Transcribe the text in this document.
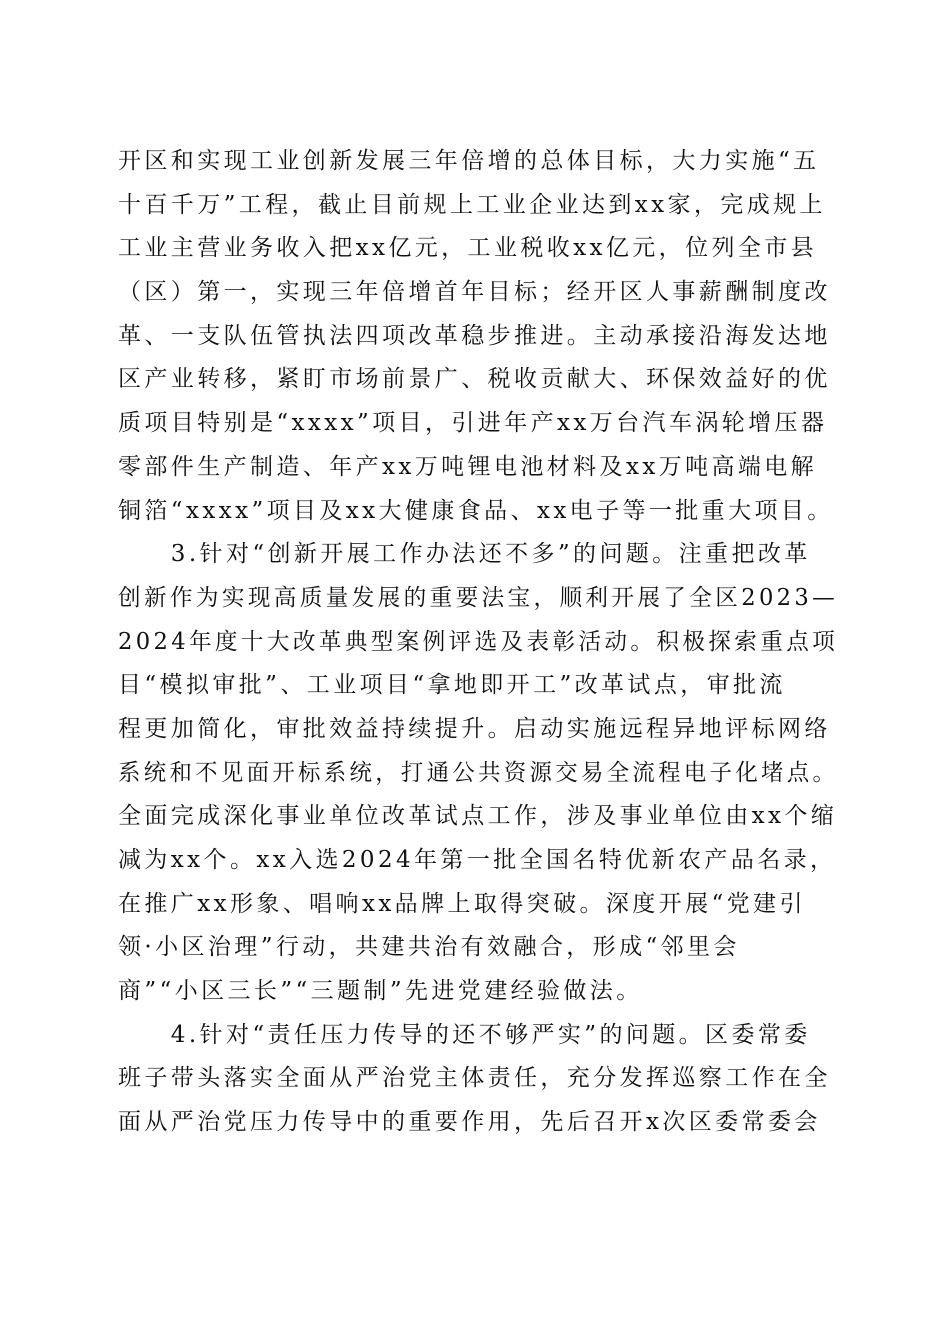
开区和实现工业创新发展三年倍增的总体目标，大力实施“五
十百千万”工程，截止目前规上工业企业达到xx家，完成规上
工业主营业务收入把xx亿元，工业税收xx亿元，位列全市县
（区）第一，实现三年倍增首年目标；经开区人事薪酬制度改
革、一支队伍管执法四项改革稳步推进。主动承接沿海发达地
区产业转移，紧盯市场前景广、税收贡献大、环保效益好的优
质项目特别是“xxxx”项目，引进年产xx万台汽车涡轮增压器
零部件生产制造、年产xx万吨锂电池材料及xx万吨高端电解
铜箔“xxxx”项目及xx大健康食品、xx电子等一批重大项目。
　　3.针对“创新开展工作办法还不多”的问题。注重把改革
创新作为实现高质量发展的重要法宝，顺利开展了全区2023—
2024年度十大改革典型案例评选及表彰活动。积极探索重点项
目“模拟审批”、工业项目“拿地即开工”改革试点，审批流
程更加简化，审批效益持续提升。启动实施远程异地评标网络
系统和不见面开标系统，打通公共资源交易全流程电子化堵点。
全面完成深化事业单位改革试点工作，涉及事业单位由xx个缩
减为xx个。xx入选2024年第一批全国名特优新农产品名录，
在推广xx形象、唱响xx品牌上取得突破。深度开展“党建引
领·小区治理”行动，共建共治有效融合，形成“邻里会
商”“小区三长”“三题制”先进党建经验做法。
　　4.针对“责任压力传导的还不够严实”的问题。区委常委
班子带头落实全面从严治党主体责任，充分发挥巡察工作在全
面从严治党压力传导中的重要作用，先后召开x次区委常委会
